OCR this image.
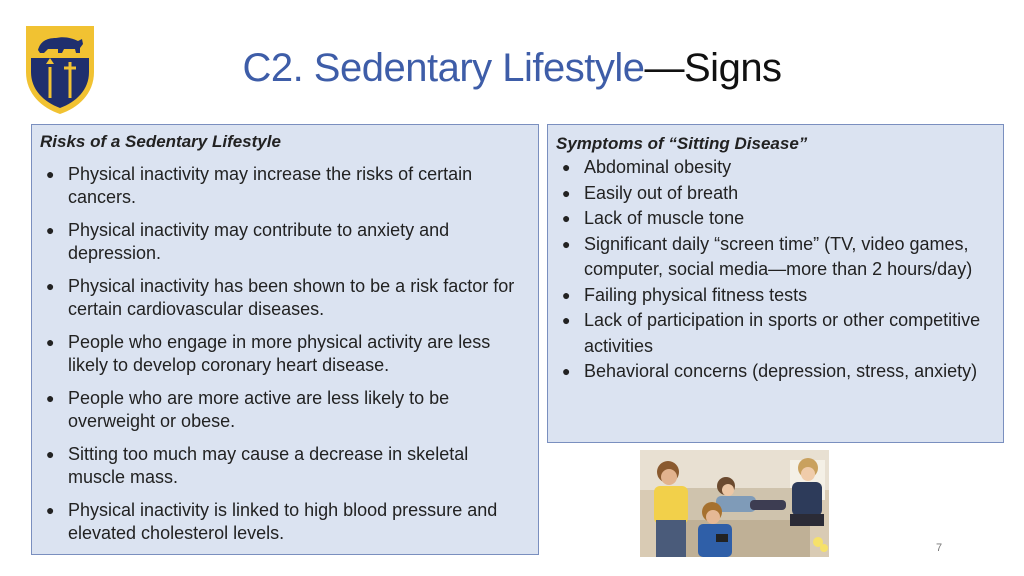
C2. Sedentary Lifestyle—Signs
Risks of a Sedentary Lifestyle
● Physical inactivity may increase the risks of certain cancers.
● Physical inactivity may contribute to anxiety and depression.
● Physical inactivity has been shown to be a risk factor for certain cardiovascular diseases.
● People who engage in more physical activity are less likely to develop coronary heart disease.
● People who are more active are less likely to be overweight or obese.
● Sitting too much may cause a decrease in skeletal muscle mass.
● Physical inactivity is linked to high blood pressure and elevated cholesterol levels.
Symptoms of “Sitting Disease”
● Abdominal obesity
● Easily out of breath
● Lack of muscle tone
● Significant daily “screen time” (TV, video games, computer, social media—more than 2 hours/day)
● Failing physical fitness tests
● Lack of participation in sports or other competitive activities
● Behavioral concerns (depression, stress, anxiety)
7
